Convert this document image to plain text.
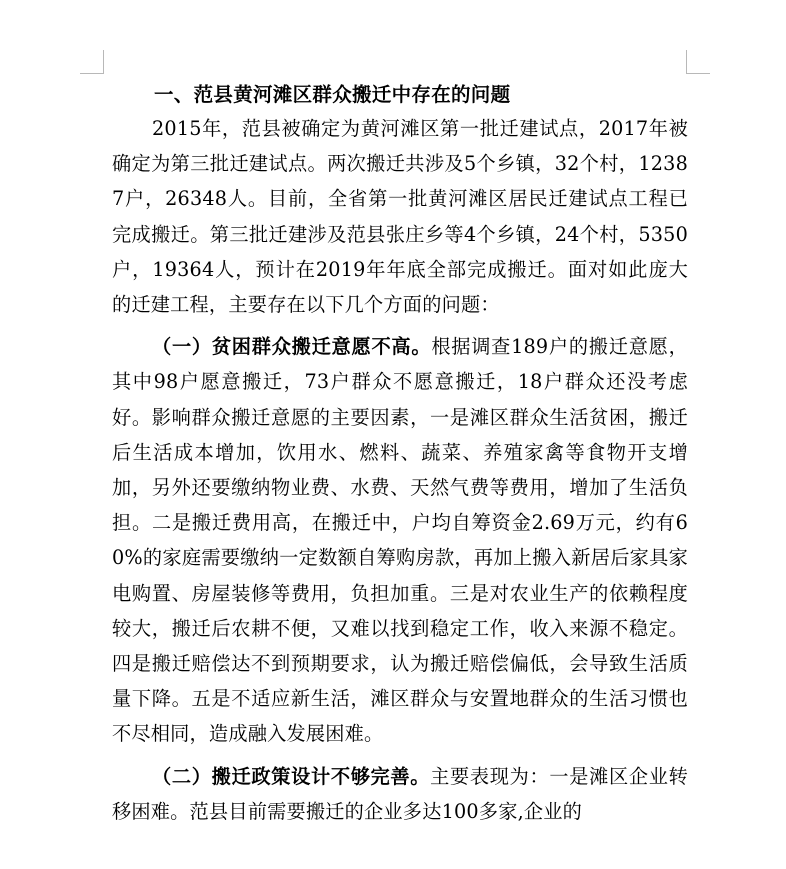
一、范县黄河滩区群众搬迁中存在的问题

2015年，范县被确定为黄河滩区第一批迁建试点，2017年被确定为第三批迁建试点。两次搬迁共涉及5个乡镇，32个村，12387户，26348人。目前，全省第一批黄河滩区居民迁建试点工程已完成搬迁。第三批迁建涉及范县张庄乡等4个乡镇，24个村，5350户，19364人，预计在2019年年底全部完成搬迁。面对如此庞大的迁建工程，主要存在以下几个方面的问题：

（一）贫困群众搬迁意愿不高。根据调查189户的搬迁意愿，其中98户愿意搬迁，73户群众不愿意搬迁，18户群众还没考虑好。影响群众搬迁意愿的主要因素，一是滩区群众生活贫困，搬迁后生活成本增加，饮用水、燃料、蔬菜、养殖家禽等食物开支增加，另外还要缴纳物业费、水费、天然气费等费用，增加了生活负担。二是搬迁费用高，在搬迁中，户均自筹资金2.69万元，约有60%的家庭需要缴纳一定数额自筹购房款，再加上搬入新居后家具家电购置、房屋装修等费用，负担加重。三是对农业生产的依赖程度较大，搬迁后农耕不便，又难以找到稳定工作，收入来源不稳定。四是搬迁赔偿达不到预期要求，认为搬迁赔偿偏低，会导致生活质量下降。五是不适应新生活，滩区群众与安置地群众的生活习惯也不尽相同，造成融入发展困难。

（二）搬迁政策设计不够完善。主要表现为：一是滩区企业转移困难。范县目前需要搬迁的企业多达100多家,企业的
